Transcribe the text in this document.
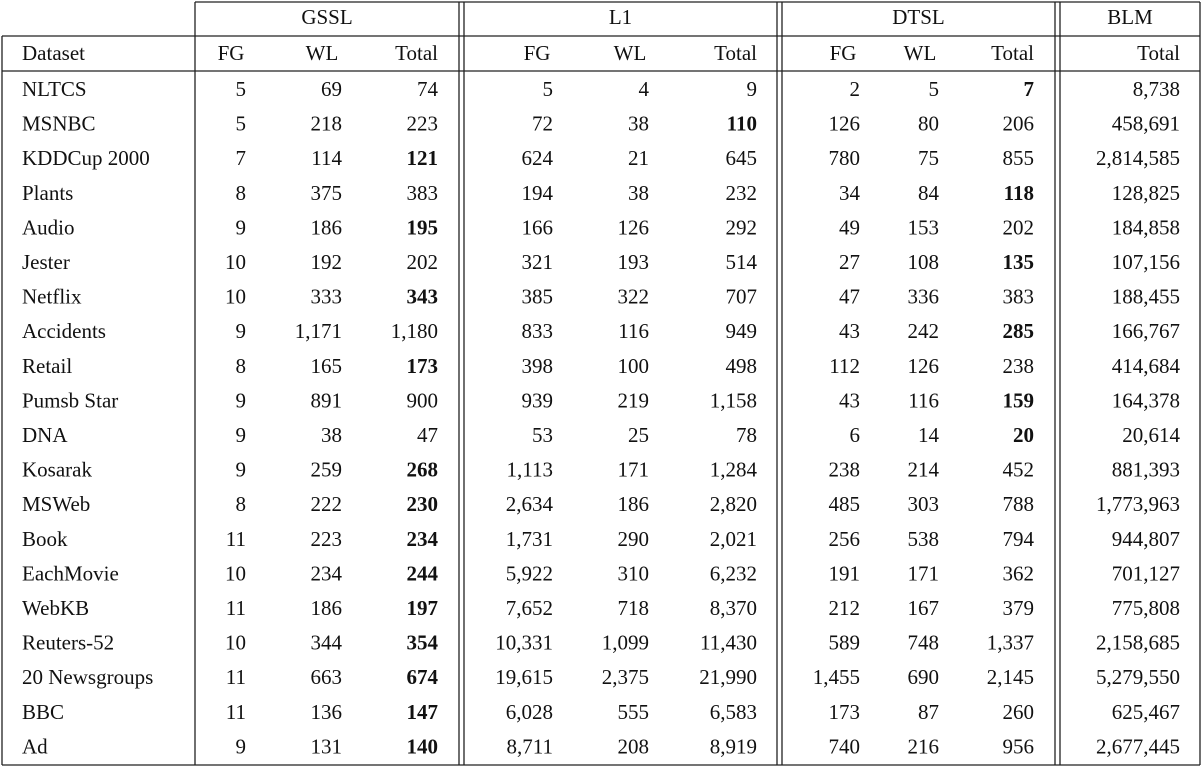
GSSL	L1	DTSL	BLM
Dataset	FG	WL	Total	FG	WL	Total	FG WL	Total	Total
NLTCS	5	69	74	5	4	9	2	5	7	8,738
MSNBC	5	218	223	72	38	110	126	80	206	458,691
KDDCup 2000	7	114	121	624	21	645	780	75	855	2,814,585
Plants	8	375	383	194	38	232	34	84	118	128,825
Audio	9	186	195	166	126	292	49 153	202	184,858
Jester	10	192	202	321	193	514	27 108	135	107,156
Netflix	10	333	343	385	322	707	47 336	383	188,455
Accidents	9 1,171 1,180	833	116	949	43 242	285	166,767
Retail	8	165	173	398	100	498	112 126	238	414,684
Pumsb Star	9	891	900	939	219	1,158	43 116	159	164,378
DNA	9	38	47	53	25	78	6	14	20	20,614
Kosarak	9	259	268	1,113	171	1,284	238 214	452	881,393
MSWeb	8	222	230	2,634	186	2,820	485 303	788	1,773,963
Book	11	223	234	1,731	290	2,021	256 538	794	944,807
EachMovie	10	234	244	5,922	310	6,232	191 171	362	701,127
WebKB	11	186	197	7,652	718	8,370	212 167	379	775,808
Reuters-52	10	344	354	10,331 1,099 11,430	589 748 1,337	2,158,685
20 Newsgroups	11	663	674	19,615 2,375 21,990	1,455 690 2,145	5,279,550
BBC	11	136	147	6,028	555	6,583	173	87	260	625,467
Ad	9	131	140	8,711	208	8,919	740 216	956	2,677,445
